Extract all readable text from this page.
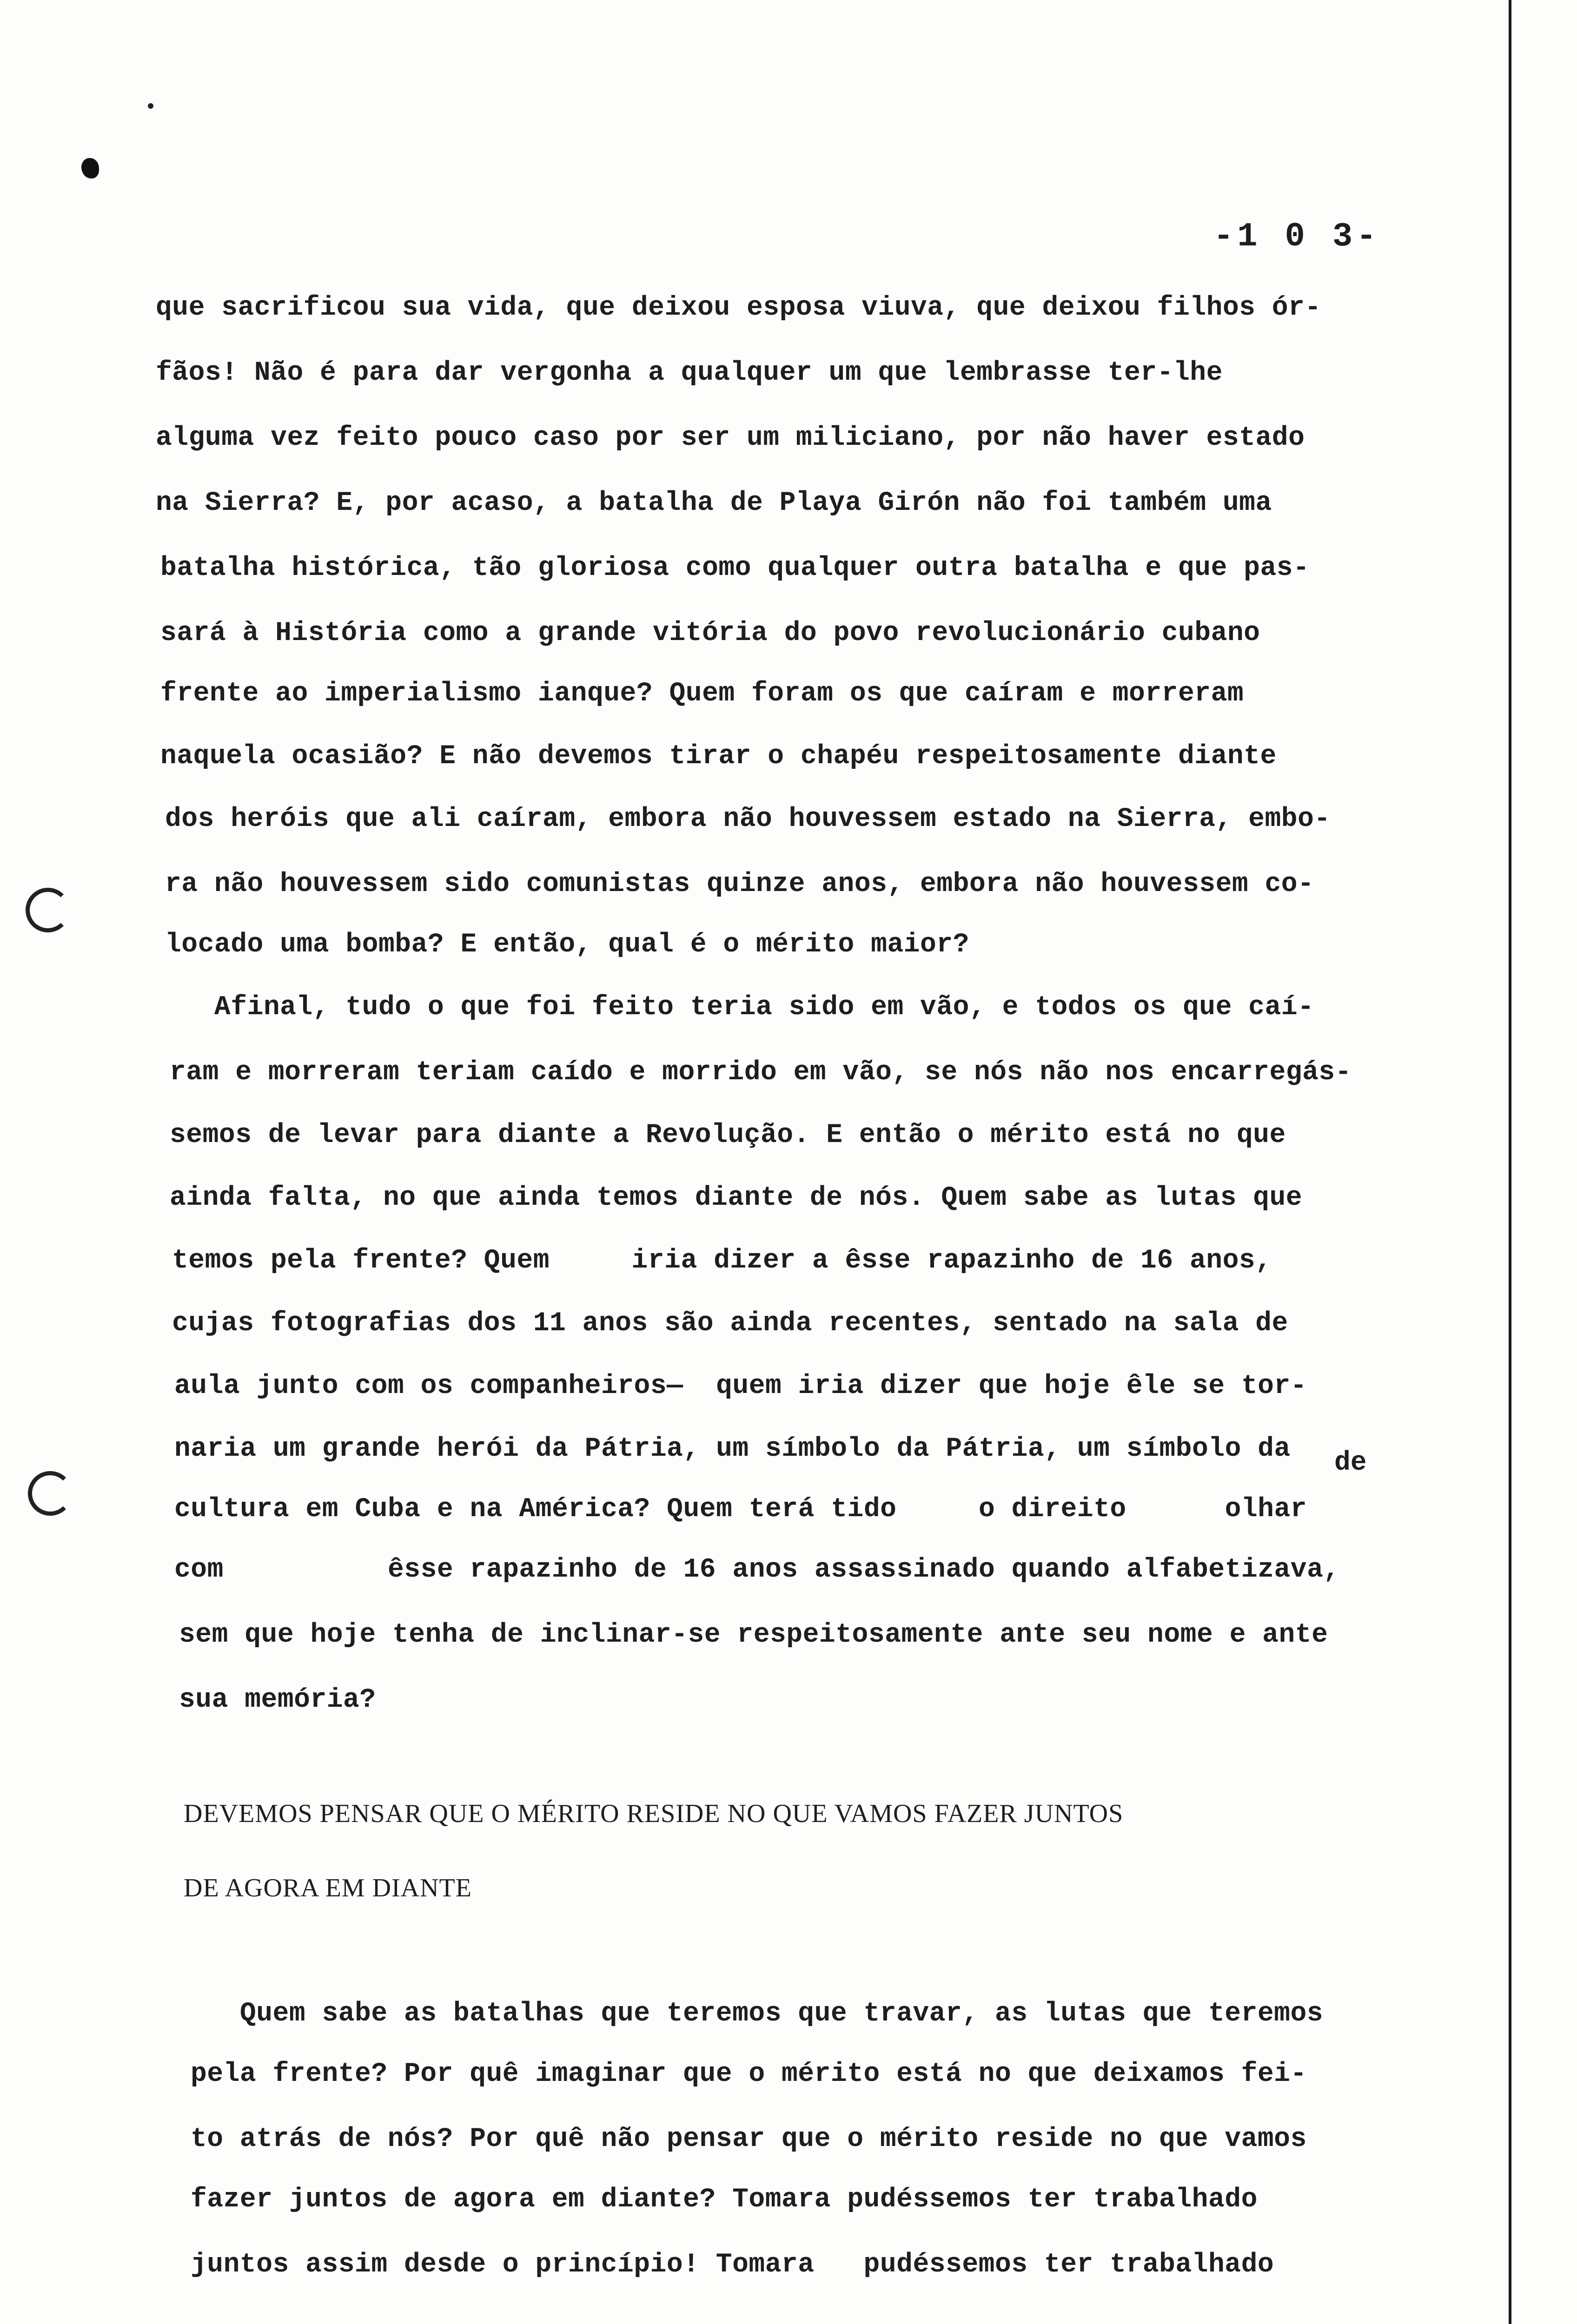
-1 0 3-
que sacrificou sua vida, que deixou esposa viuva, que deixou filhos ór-
fãos! Não é para dar vergonha a qualquer um que lembrasse ter-lhe
alguma vez feito pouco caso por ser um miliciano, por não haver estado
na Sierra? E, por acaso, a batalha de Playa Girón não foi também uma
batalha histórica, tão gloriosa como qualquer outra batalha e que pas-
sará à História como a grande vitória do povo revolucionário cubano
frente ao imperialismo ianque? Quem foram os que caíram e morreram
naquela ocasião? E não devemos tirar o chapéu respeitosamente diante
dos heróis que ali caíram, embora não houvessem estado na Sierra, embo-
ra não houvessem sido comunistas quinze anos, embora não houvessem co-
locado uma bomba? E então, qual é o mérito maior?
Afinal, tudo o que foi feito teria sido em vão, e todos os que caí-
ram e morreram teriam caído e morrido em vão, se nós não nos encarregás-
semos de levar para diante a Revolução. E então o mérito está no que
ainda falta, no que ainda temos diante de nós. Quem sabe as lutas que
temos pela frente? Quem     iria dizer a êsse rapazinho de 16 anos,
cujas fotografias dos 11 anos são ainda recentes, sentado na sala de
aula junto com os companheiros—  quem iria dizer que hoje êle se tor-
naria um grande herói da Pátria, um símbolo da Pátria, um símbolo da de
cultura em Cuba e na América? Quem terá tido     o direito      olhar
com          êsse rapazinho de 16 anos assassinado quando alfabetizava,
sem que hoje tenha de inclinar-se respeitosamente ante seu nome e ante
sua memória?
DEVEMOS PENSAR QUE O MÉRITO RESIDE NO QUE VAMOS FAZER JUNTOS
DE AGORA EM DIANTE
Quem sabe as batalhas que teremos que travar, as lutas que teremos
pela frente? Por quê imaginar que o mérito está no que deixamos fei-
to atrás de nós? Por quê não pensar que o mérito reside no que vamos
fazer juntos de agora em diante? Tomara pudéssemos ter trabalhado
juntos assim desde o princípio! Tomara   pudéssemos ter trabalhado
